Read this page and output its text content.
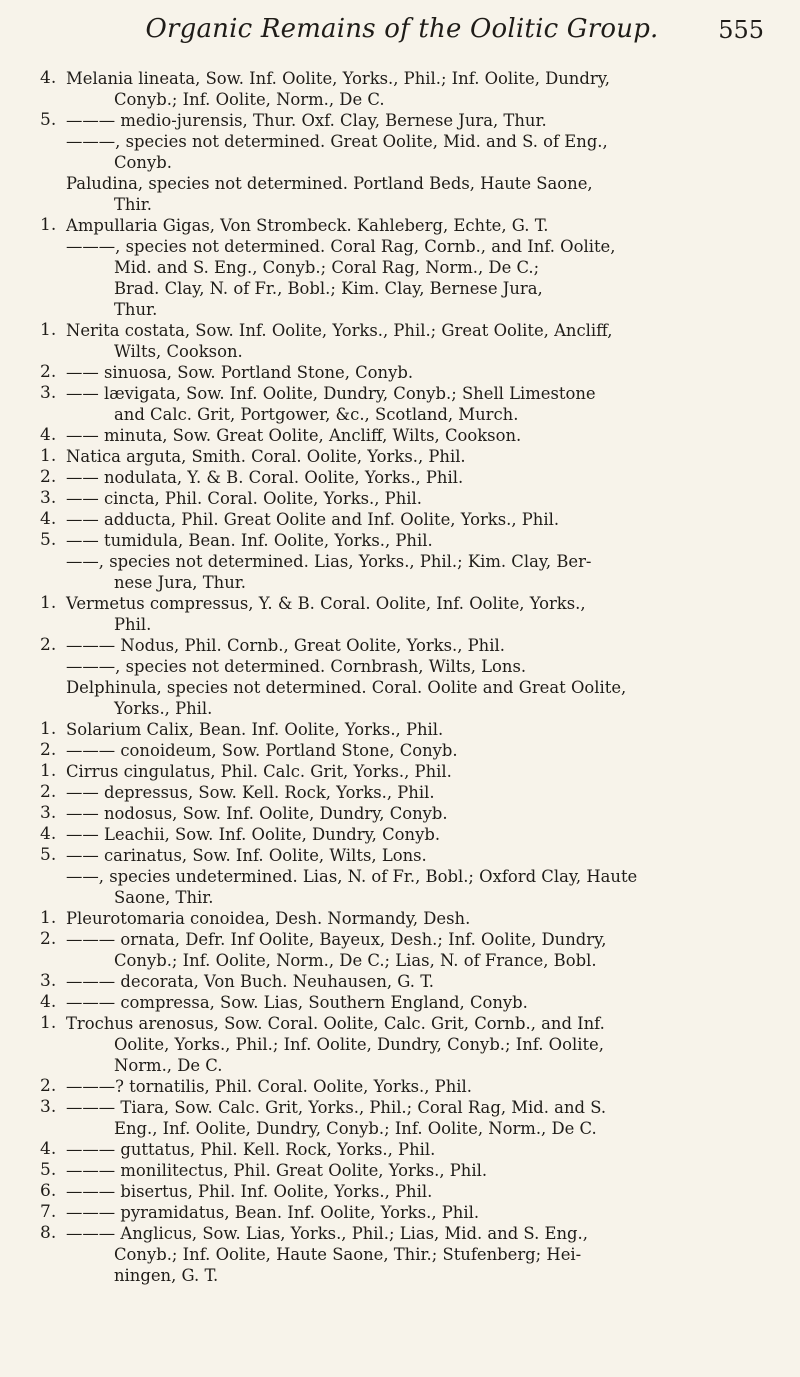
Organic Remains of the Oolitic Group. 555
4. Melania lineata, Sow. Inf. Oolite, Yorks., Phil.; Inf. Oolite, Dundry,
Conyb.; Inf. Oolite, Norm., De C.
5. ——— medio-jurensis, Thur. Oxf. Clay, Bernese Jura, Thur.
———, species not determined. Great Oolite, Mid. and S. of Eng.,
Conyb.
Paludina, species not determined. Portland Beds, Haute Saone,
Thir.
1. Ampullaria Gigas, Von Strombeck. Kahleberg, Echte, G. T.
———, species not determined. Coral Rag, Cornb., and Inf. Oolite,
Mid. and S. Eng., Conyb.; Coral Rag, Norm., De C.;
Brad. Clay, N. of Fr., Bobl.; Kim. Clay, Bernese Jura,
Thur.
1. Nerita costata, Sow. Inf. Oolite, Yorks., Phil.; Great Oolite, Ancliff,
Wilts, Cookson.
2. —— sinuosa, Sow. Portland Stone, Conyb.
3. —— lævigata, Sow. Inf. Oolite, Dundry, Conyb.; Shell Limestone
and Calc. Grit, Portgower, &c., Scotland, Murch.
4. —— minuta, Sow. Great Oolite, Ancliff, Wilts, Cookson.
1. Natica arguta, Smith. Coral. Oolite, Yorks., Phil.
2. —— nodulata, Y. & B. Coral. Oolite, Yorks., Phil.
3. —— cincta, Phil. Coral. Oolite, Yorks., Phil.
4. —— adducta, Phil. Great Oolite and Inf. Oolite, Yorks., Phil.
5. —— tumidula, Bean. Inf. Oolite, Yorks., Phil.
——, species not determined. Lias, Yorks., Phil.; Kim. Clay, Ber-
nese Jura, Thur.
1. Vermetus compressus, Y. & B. Coral. Oolite, Inf. Oolite, Yorks.,
Phil.
2. ——— Nodus, Phil. Cornb., Great Oolite, Yorks., Phil.
———, species not determined. Cornbrash, Wilts, Lons.
Delphinula, species not determined. Coral. Oolite and Great Oolite,
Yorks., Phil.
1. Solarium Calix, Bean. Inf. Oolite, Yorks., Phil.
2. ——— conoideum, Sow. Portland Stone, Conyb.
1. Cirrus cingulatus, Phil. Calc. Grit, Yorks., Phil.
2. —— depressus, Sow. Kell. Rock, Yorks., Phil.
3. —— nodosus, Sow. Inf. Oolite, Dundry, Conyb.
4. —— Leachii, Sow. Inf. Oolite, Dundry, Conyb.
5. —— carinatus, Sow. Inf. Oolite, Wilts, Lons.
——, species undetermined. Lias, N. of Fr., Bobl.; Oxford Clay, Haute
Saone, Thir.
1. Pleurotomaria conoidea, Desh. Normandy, Desh.
2. ——— ornata, Defr. Inf Oolite, Bayeux, Desh.; Inf. Oolite, Dundry,
Conyb.; Inf. Oolite, Norm., De C.; Lias, N. of France, Bobl.
3. ——— decorata, Von Buch. Neuhausen, G. T.
4. ——— compressa, Sow. Lias, Southern England, Conyb.
1. Trochus arenosus, Sow. Coral. Oolite, Calc. Grit, Cornb., and Inf.
Oolite, Yorks., Phil.; Inf. Oolite, Dundry, Conyb.; Inf. Oolite,
Norm., De C.
2. ———? tornatilis, Phil. Coral. Oolite, Yorks., Phil.
3. ——— Tiara, Sow. Calc. Grit, Yorks., Phil.; Coral Rag, Mid. and S.
Eng., Inf. Oolite, Dundry, Conyb.; Inf. Oolite, Norm., De C.
4. ——— guttatus, Phil. Kell. Rock, Yorks., Phil.
5. ——— monilitectus, Phil. Great Oolite, Yorks., Phil.
6. ——— bisertus, Phil. Inf. Oolite, Yorks., Phil.
7. ——— pyramidatus, Bean. Inf. Oolite, Yorks., Phil.
8. ——— Anglicus, Sow. Lias, Yorks., Phil.; Lias, Mid. and S. Eng.,
Conyb.; Inf. Oolite, Haute Saone, Thir.; Stufenberg; Hei-
ningen, G. T.
